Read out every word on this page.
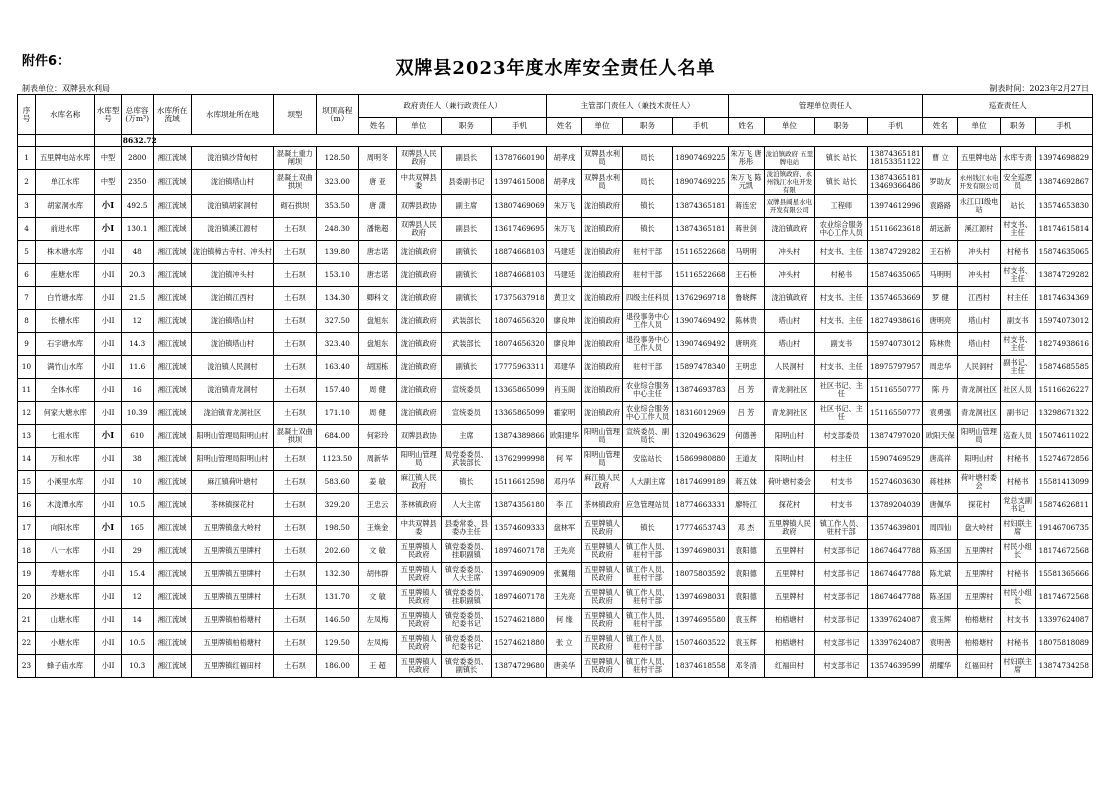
附件6：	双牌县2023年度水库安全责任人名单
制表单位：双牌县水利局	制表时间：2023年2月27日
序号	水库名称	水库型号	总库容(万m³)	水库所在流域	水库坝址所在地	坝型	坝顶高程（m）	政府责任人（兼行政责任人）				主管部门责任人（兼技术责任人）				管理单位责任人				巡查责任人			
								姓名	单位	职务	手机	姓名	单位	职务	手机	姓名	单位	职务	手机	姓名	单位	职务	手机
			8632.72																				
1	五里牌电站水库	中型	2800	湘江流域	泷泊镇沙背甸村	混凝土重力闸坝	128.50	周明冬	双牌县人民政府	副县长	13787660190	胡孝戌	双牌县水利局	局长	18907469225	朱万飞 唐彤彤	泷泊镇政府 五里牌电站	镇长 站长	13874365181 18153351122	曹 立	五里牌电站	水库专责	13974698829
2	单江水库	中型	2350	湘江流域	泷泊镇塔山村	混凝土双曲拱坝	323.00	唐 亚	中共双牌县委	县委副书记	13974615008	胡孝戌	双牌县水利局	局长	18907469225	朱万飞 陈元凯	泷泊镇政府、永州钱江水电开发有限	镇长 站长	13874365181 13469366486	罗助友	永州钱江水电开发有限公司	安全巡逻员	13874692867
3	胡家洞水库	小I	492.5	湘江流域	泷泊镇胡家洞村	砌石拱坝	353.50	唐 潇	双牌县政协	副主席	13807469069	朱万飞	泷泊镇政府	镇长	13874365181	蒋连宏	双牌县阔星水电开发有限公司	工程师	13974612996	袁路路	永江口I级电站	站长	13574653830
4	前进水库	小I	130.1	湘江流域	泷泊镇溪江源村	土石坝	248.30	潘艳超	双牌县人民政府	副县长	13617469695	朱万飞	泷泊镇政府	镇长	13874365181	蒋世剑	泷泊镇政府	农业综合服务中心工作人员	15116623618	胡远新	溪江源村	村支书、主任	18174615814
5	株木塘水库	小II	48	湘江流域	泷泊镇樟古寺村、冲头村	土石坝	139.80	唐志诺	泷泊镇政府	副镇长	18874668103	马建廷	泷泊镇政府	驻村干部	15116522668	马明明	冲头村	村支书、主任	13874729282	王石桥	冲头村	村秘书	15874635065
6	座塘水库	小II	20.3	湘江流域	泷泊镇冲头村	土石坝	153.10	唐志诺	泷泊镇政府	副镇长	18874668103	马建廷	泷泊镇政府	驻村干部	15116522668	王石桥	冲头村	村秘书	15874635065	马明明	冲头村	村支书、主任	13874729282
7	白竹塘水库	小II	21.5	湘江流域	泷泊镇江西村	土石坝	134.30	卿科文	泷泊镇政府	副镇长	17375637918	黄卫文	泷泊镇政府	四级主任科员	13762969718	鲁晓辉	泷泊镇政府	村支书、主任	13574653669	罗 健	江西村	村主任	18174634369
8	长槽水库	小II	12	湘江流域	泷泊镇塔山村	土石坝	327.50	盘旭东	泷泊镇政府	武装部长	18074656320	廖良坤	泷泊镇政府	退役事务中心工作人员	13907469492	陈林贵	塔山村	村支书、主任	18274938616	唐明亮	塔山村	副支书	15974073012
9	石字塘水库	小II	14.3	湘江流域	泷泊镇塔山村	土石坝	323.40	盘旭东	泷泊镇政府	武装部长	18074656320	廖良坤	泷泊镇政府	退役事务中心工作人员	13907469492	唐明亮	塔山村	副支书	15974073012	陈林贵	塔山村	村支书、主任	18274938616
10	满竹山水库	小II	11.6	湘江流域	泷泊镇人民洞村	土石坝	163.40	胡国栋	泷泊镇政府	副镇长	17775963311	邓建华	泷泊镇政府	驻村干部	15897478340	王明忠	人民洞村	村支书、主任	18975797957	周忠华	人民洞村	副书记、主任	15874685585
11	全体水库	小II	16	湘江流域	泷泊镇青龙洞村	土石坝	157.40	周 健	泷泊镇政府	宣统委员	13365865099	肖玉阁	泷泊镇政府	农业综合服务中心主任	13874693783	吕 芳	青龙洞社区	社区书记、主任	15116550777	陈 丹	青龙洞社区	社区人员	15116626227
12	何家大塘水库	小II	10.39	湘江流域	泷泊镇青龙洞社区	土石坝	171.10	周 健	泷泊镇政府	宣统委员	13365865099	霍家明	泷泊镇政府	农业综合服务中心工作人员	18316012969	吕 芳	青龙洞社区	社区书记、主任	15116550777	袁勇强	青龙洞社区	副书记	13298671322
13	七祖水库	小I	610	湘江流域	阳明山管理局阳明山村	混凝土双曲拱坝	684.00	何彩玲	双牌县政协	主席	13874389866	欧阳建华	阳明山管理局	宣统委员、副局长	13204963629	何德善	阳明山村	村支部委员	13874797020	欧阳天保	阳明山管理局	巡查人员	15074611022
14	万和水库	小II	38	湘江流域	阳明山管理局阳明山村	土石坝	1123.50	周新华	阳明山管理局	局党委委员、武装部长	13762999998	何 军	阳明山管理局	安监站长	15869980880	王道友	阳明山村	村主任	15907469529	唐高祥	阳明山村	村秘书	15274672856
15	小溪里水库	小II	10	湘江流域	麻江镇荷叶塘村	土石坝	583.60	姜 敏	麻江镇人民政府	镇长	15116612598	邓丹华	麻江镇人民政府	人大副主席	18174699189	蒋五妹	荷叶塘村委会	村支书	15274603630	蒋桂林	荷叶塘村委会	村秘书	15581413099
16	木泷潭水库	小II	10.5	湘江流域	茶林镇探花村	土石坝	329.20	王忠云	茶林镇政府	人大主席	13874356180	李 江	茶林镇政府	应急管理站员	18774663331	廖特江	探花村	村支书	13789204039	唐佩华	探花村	党总支副书记	15874626811
17	向阳水库	小I	165	湘江流域	五里牌镇盘大岭村	土石坝	198.50	王焕金	中共双牌县委	县委常委、县委办主任	13574609333	盘林军	五里牌镇人民政府	镇长	17774653743	邓 杰	五里牌镇人民政府	镇工作人员、驻村干部	13574639801	周四仙	盘大岭村	村妇联主席	19146706735
18	八一水库	小II	29	湘江流域	五里牌镇五里牌村	土石坝	202.60	文 敏	五里牌镇人民政府	镇党委委员、挂职副镇	18974607178	王先亮	五里牌镇人民政府	镇工作人员、驻村干部	13974698031	袁阳德	五里牌村	村支部书记	18674647788	陈圣国	五里牌村	村民小组长	18174672568
19	寿塘水库	小II	15.4	湘江流域	五里牌镇五里牌村	土石坝	132.30	胡伟群	五里牌镇人民政府	镇党委委员、人大主席	13974690909	张翼翔	五里牌镇人民政府	镇工作人员、驻村干部	18075803592	袁阳德	五里牌村	村支部书记	18674647788	陈尤斌	五里牌村	村秘书	15581365666
20	沙塘水库	小II	12	湘江流域	五里牌镇五里牌村	土石坝	131.70	文 敏	五里牌镇人民政府	镇党委委员、挂职副镇	18974607178	王先亮	五里牌镇人民政府	镇工作人员、驻村干部	13974698031	袁阳德	五里牌村	村支部书记	18674647788	陈圣国	五里牌村	村民小组长	18174672568
21	山塘水库	小II	14	湘江流域	五里牌镇柏梧塘村	土石坝	146.50	左凤梅	五里牌镇人民政府	镇党委委员、纪委书记	15274621880	何 缘	五里牌镇人民政府	镇工作人员、驻村干部	13974695580	袁玉辉	柏梧塘村	村支部书记	13397624087	袁玉辉	柏梧塘村	村支书	13397624087
22	小塘水库	小II	10.5	湘江流域	五里牌镇柏梧塘村	土石坝	129.50	左凤梅	五里牌镇人民政府	镇党委委员、纪委书记	15274621880	张 立	五里牌镇人民政府	镇工作人员、驻村干部	15074603522	袁玉辉	柏梧塘村	村支部书记	13397624087	袁明善	柏梧塘村	村秘书	18075818089
23	蜂子庙水库	小II	10.3	湘江流域	五里牌镇红福田村	土石坝	186.00	王 超	五里牌镇人民政府	镇党委委员、副镇长	13874729680	唐美华	五里牌镇人民政府	镇工作人员、驻村干部	18374618558	邓冬清	红福田村	村支部书记	13574639599	胡耀华	红福田村	村妇联主席	13874734258
